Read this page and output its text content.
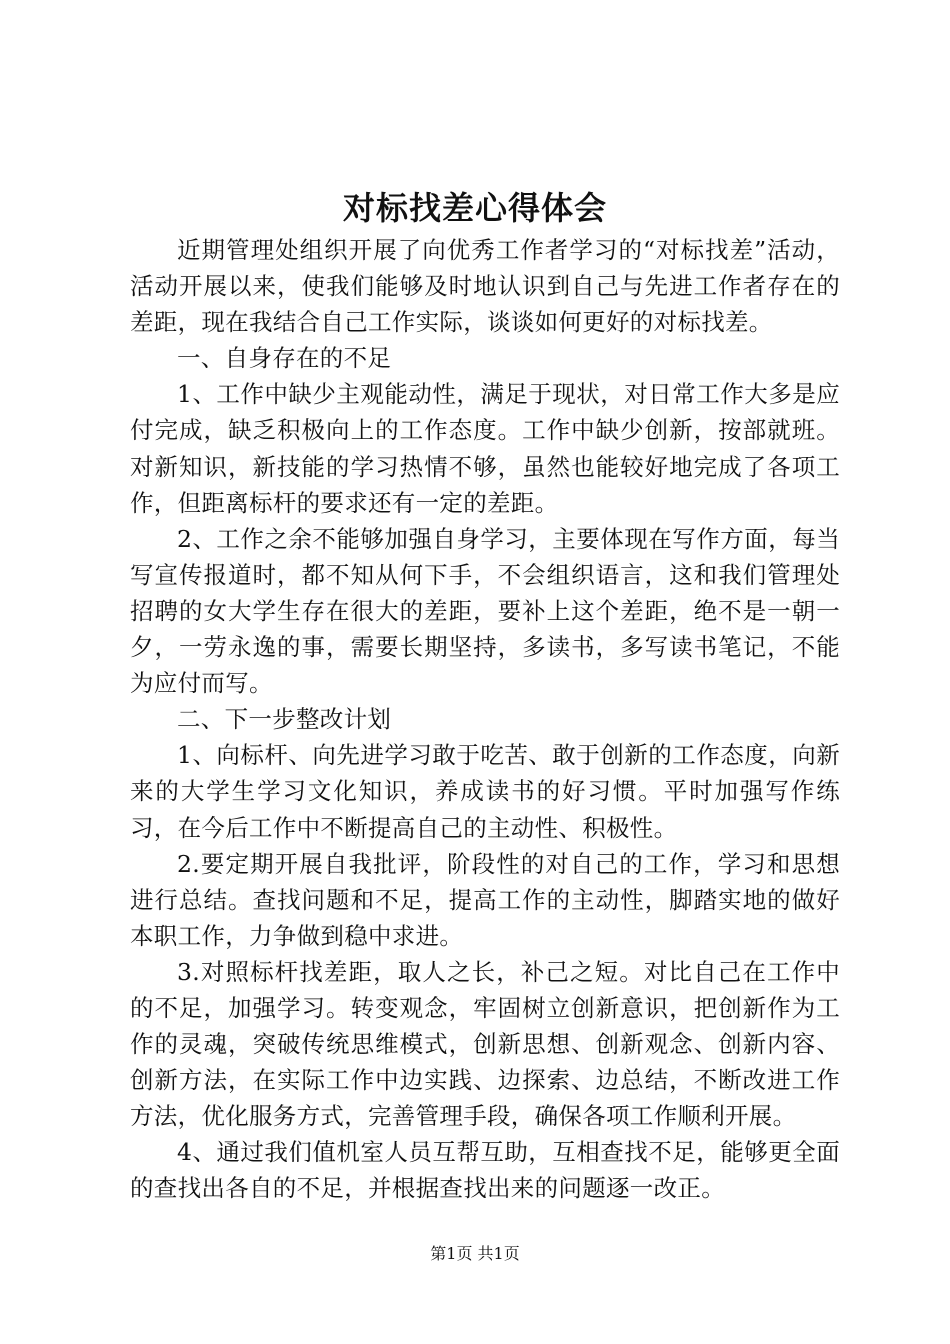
对标找差心得体会

近期管理处组织开展了向优秀工作者学习的“对标找差”活动，活动开展以来，使我们能够及时地认识到自己与先进工作者存在的差距，现在我结合自己工作实际，谈谈如何更好的对标找差。

一、自身存在的不足

1、工作中缺少主观能动性，满足于现状，对日常工作大多是应付完成，缺乏积极向上的工作态度。工作中缺少创新，按部就班。对新知识，新技能的学习热情不够，虽然也能较好地完成了各项工作，但距离标杆的要求还有一定的差距。

2、工作之余不能够加强自身学习，主要体现在写作方面，每当写宣传报道时，都不知从何下手，不会组织语言，这和我们管理处招聘的女大学生存在很大的差距，要补上这个差距，绝不是一朝一夕，一劳永逸的事，需要长期坚持，多读书，多写读书笔记，不能为应付而写。

二、下一步整改计划

1、向标杆、向先进学习敢于吃苦、敢于创新的工作态度，向新来的大学生学习文化知识，养成读书的好习惯。平时加强写作练习，在今后工作中不断提高自己的主动性、积极性。

2.要定期开展自我批评，阶段性的对自己的工作，学习和思想进行总结。查找问题和不足，提高工作的主动性，脚踏实地的做好本职工作，力争做到稳中求进。

3.对照标杆找差距，取人之长，补己之短。对比自己在工作中的不足，加强学习。转变观念，牢固树立创新意识，把创新作为工作的灵魂，突破传统思维模式，创新思想、创新观念、创新内容、创新方法，在实际工作中边实践、边探索、边总结，不断改进工作方法，优化服务方式，完善管理手段，确保各项工作顺利开展。

4、通过我们值机室人员互帮互助，互相查找不足，能够更全面的查找出各自的不足，并根据查找出来的问题逐一改正。

第1页 共1页
